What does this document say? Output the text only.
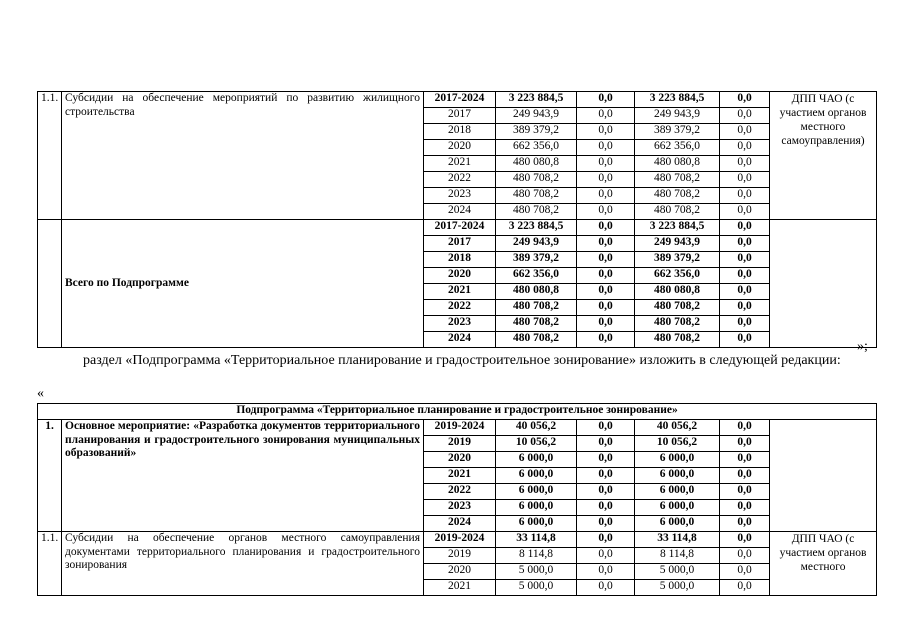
1.1.	Субсидии на обеспечение мероприятий по развитию жилищного строительства	2017-2024	3 223 884,5	0,0	3 223 884,5	0,0	ДПП ЧАО (с участием органов местного самоуправления)
		2017	249 943,9	0,0	249 943,9	0,0	
		2018	389 379,2	0,0	389 379,2	0,0	
		2020	662 356,0	0,0	662 356,0	0,0	
		2021	480 080,8	0,0	480 080,8	0,0	
		2022	480 708,2	0,0	480 708,2	0,0	
		2023	480 708,2	0,0	480 708,2	0,0	
		2024	480 708,2	0,0	480 708,2	0,0	
	Всего по Подпрограмме	2017-2024	3 223 884,5	0,0	3 223 884,5	0,0	
		2017	249 943,9	0,0	249 943,9	0,0	
		2018	389 379,2	0,0	389 379,2	0,0	
		2020	662 356,0	0,0	662 356,0	0,0	
		2021	480 080,8	0,0	480 080,8	0,0	
		2022	480 708,2	0,0	480 708,2	0,0	
		2023	480 708,2	0,0	480 708,2	0,0	
		2024	480 708,2	0,0	480 708,2	0,0	
»;
раздел «Подпрограмма «Территориальное планирование и градостроительное зонирование» изложить в следующей редакции:
«
Подпрограмма «Территориальное планирование и градостроительное зонирование»							
1.	Основное мероприятие: «Разработка документов территориального планирования и градостроительного зонирования муниципальных образований»	2019-2024	40 056,2	0,0	40 056,2	0,0	
		2019	10 056,2	0,0	10 056,2	0,0	
		2020	6 000,0	0,0	6 000,0	0,0	
		2021	6 000,0	0,0	6 000,0	0,0	
		2022	6 000,0	0,0	6 000,0	0,0	
		2023	6 000,0	0,0	6 000,0	0,0	
		2024	6 000,0	0,0	6 000,0	0,0	
1.1.	Субсидии на обеспечение органов местного самоуправления документами территориального планирования и градостроительного зонирования	2019-2024	33 114,8	0,0	33 114,8	0,0	ДПП ЧАО (с участием органов местного
		2019	8 114,8	0,0	8 114,8	0,0	
		2020	5 000,0	0,0	5 000,0	0,0	
		2021	5 000,0	0,0	5 000,0	0,0	
